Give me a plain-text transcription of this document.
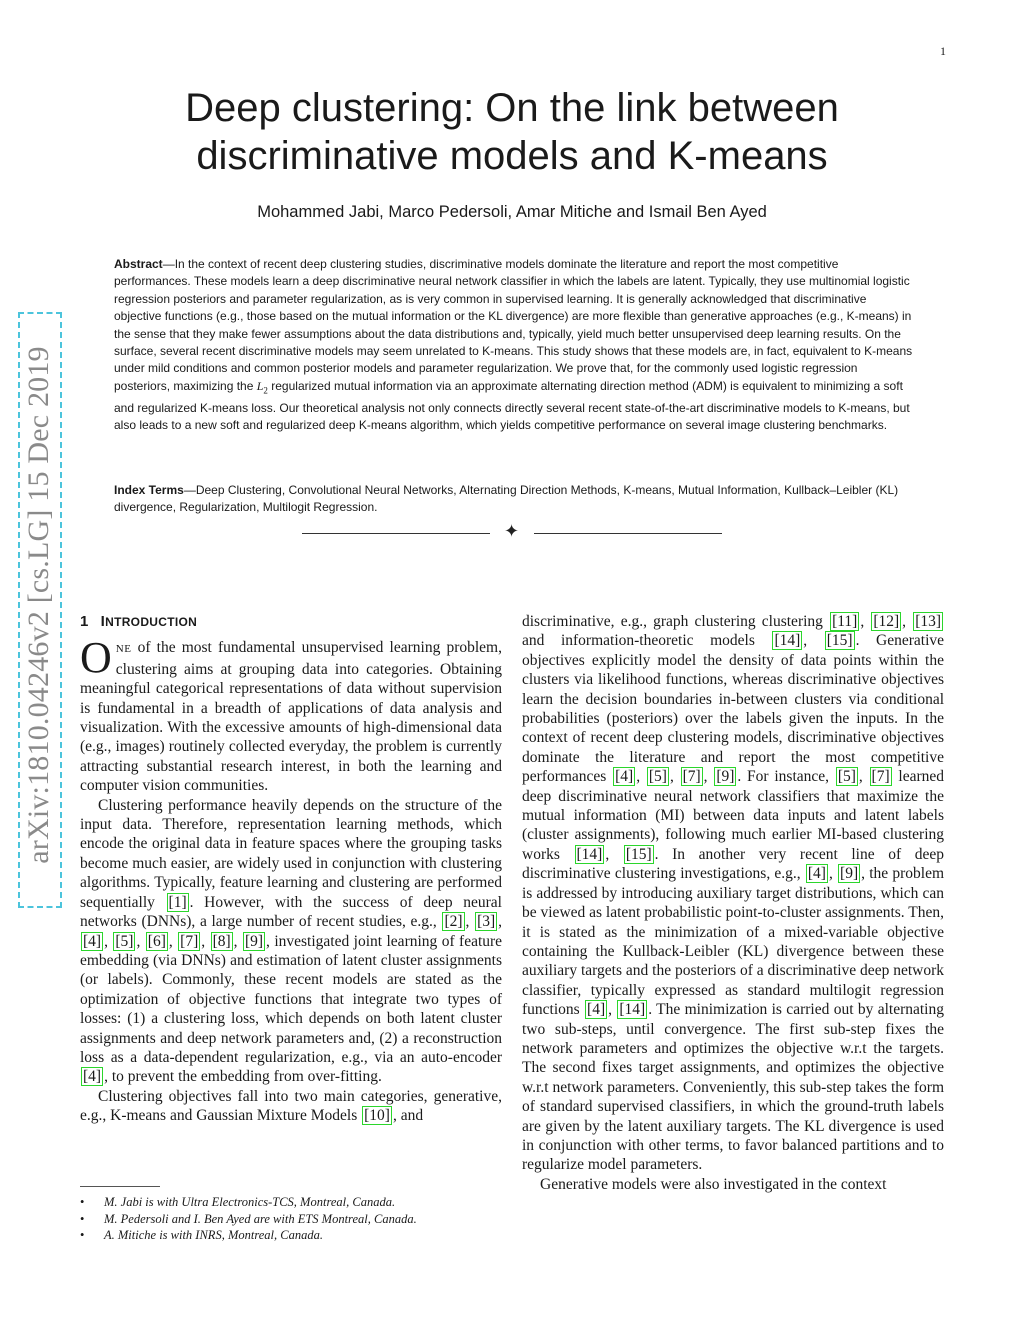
1
arXiv:1810.04246v2 [cs.LG] 15 Dec 2019
Deep clustering: On the link between
discriminative models and K-means
Mohammed Jabi, Marco Pedersoli, Amar Mitiche and Ismail Ben Ayed
Abstract—In the context of recent deep clustering studies, discriminative models dominate the literature and report the most competitive performances. These models learn a deep discriminative neural network classifier in which the labels are latent. Typically, they use multinomial logistic regression posteriors and parameter regularization, as is very common in supervised learning. It is generally acknowledged that discriminative objective functions (e.g., those based on the mutual information or the KL divergence) are more flexible than generative approaches (e.g., K-means) in the sense that they make fewer assumptions about the data distributions and, typically, yield much better unsupervised deep learning results. On the surface, several recent discriminative models may seem unrelated to K-means. This study shows that these models are, in fact, equivalent to K-means under mild conditions and common posterior models and parameter regularization. We prove that, for the commonly used logistic regression posteriors, maximizing the $L_2$ regularized mutual information via an approximate alternating direction method (ADM) is equivalent to minimizing a soft and regularized K-means loss. Our theoretical analysis not only connects directly several recent state-of-the-art discriminative models to K-means, but also leads to a new soft and regularized deep K-means algorithm, which yields competitive performance on several image clustering benchmarks.
Index Terms—Deep Clustering, Convolutional Neural Networks, Alternating Direction Methods, K-means, Mutual Information, Kullback–Leibler (KL) divergence, Regularization, Multilogit Regression.
✦
1 INTRODUCTION

ONE of the most fundamental unsupervised learning problem, clustering aims at grouping data into categories. Obtaining meaningful categorical representations of data without supervision is fundamental in a breadth of applications of data analysis and visualization. With the excessive amounts of high-dimensional data (e.g., images) routinely collected everyday, the problem is currently attracting substantial research interest, in both the learning and computer vision communities.

Clustering performance heavily depends on the structure of the input data. Therefore, representation learning methods, which encode the original data in feature spaces where the grouping tasks become much easier, are widely used in conjunction with clustering algorithms. Typically, feature learning and clustering are performed sequentially [1] . However, with the success of deep neural networks (DNNs), a large number of recent studies, e.g., [2] , [3] , [4] , [5] , [6] , [7] , [8] , [9] , investigated joint learning of feature embedding (via DNNs) and estimation of latent cluster assignments (or labels). Commonly, these recent models are stated as the optimization of objective functions that integrate two types of losses: (1) a clustering loss, which depends on both latent cluster assignments and deep network parameters and, (2) a reconstruction loss as a data-dependent regularization, e.g., via an auto-encoder [4] , to prevent the embedding from over-fitting.

Clustering objectives fall into two main categories, generative, e.g., K-means and Gaussian Mixture Models [10] , and

• M. Jabi is with Ultra Electronics-TCS, Montreal, Canada.
• M. Pedersoli and I. Ben Ayed are with ETS Montreal, Canada.
• A. Mitiche is with INRS, Montreal, Canada.

discriminative, e.g., graph clustering clustering [11] , [12] , [13] and information-theoretic models [14] , [15] . Generative objectives explicitly model the density of data points within the clusters via likelihood functions, whereas discriminative objectives learn the decision boundaries in-between clusters via conditional probabilities (posteriors) over the labels given the inputs. In the context of recent deep clustering models, discriminative objectives dominate the literature and report the most competitive performances [4] , [5] , [7] , [9] . For instance, [5] , [7] learned deep discriminative neural network classifiers that maximize the mutual information (MI) between data inputs and latent labels (cluster assignments), following much earlier MI-based clustering works [14] , [15] . In another very recent line of deep discriminative clustering investigations, e.g., [4] , [9] , the problem is addressed by introducing auxiliary target distributions, which can be viewed as latent probabilistic point-to-cluster assignments. Then, it is stated as the minimization of a mixed-variable objective containing the Kullback-Leibler (KL) divergence between these auxiliary targets and the posteriors of a discriminative deep network classifier, typically expressed as standard multilogit regression functions [4] , [14] . The minimization is carried out by alternating two sub-steps, until convergence. The first sub-step fixes the network parameters and optimizes the objective w.r.t the targets. The second fixes target assignments, and optimizes the objective w.r.t network parameters. Conveniently, this sub-step takes the form of standard supervised classifiers, in which the ground-truth labels are given by the latent auxiliary targets. The KL divergence is used in conjunction with other terms, to favor balanced partitions and to regularize model parameters.

Generative models were also investigated in the context
